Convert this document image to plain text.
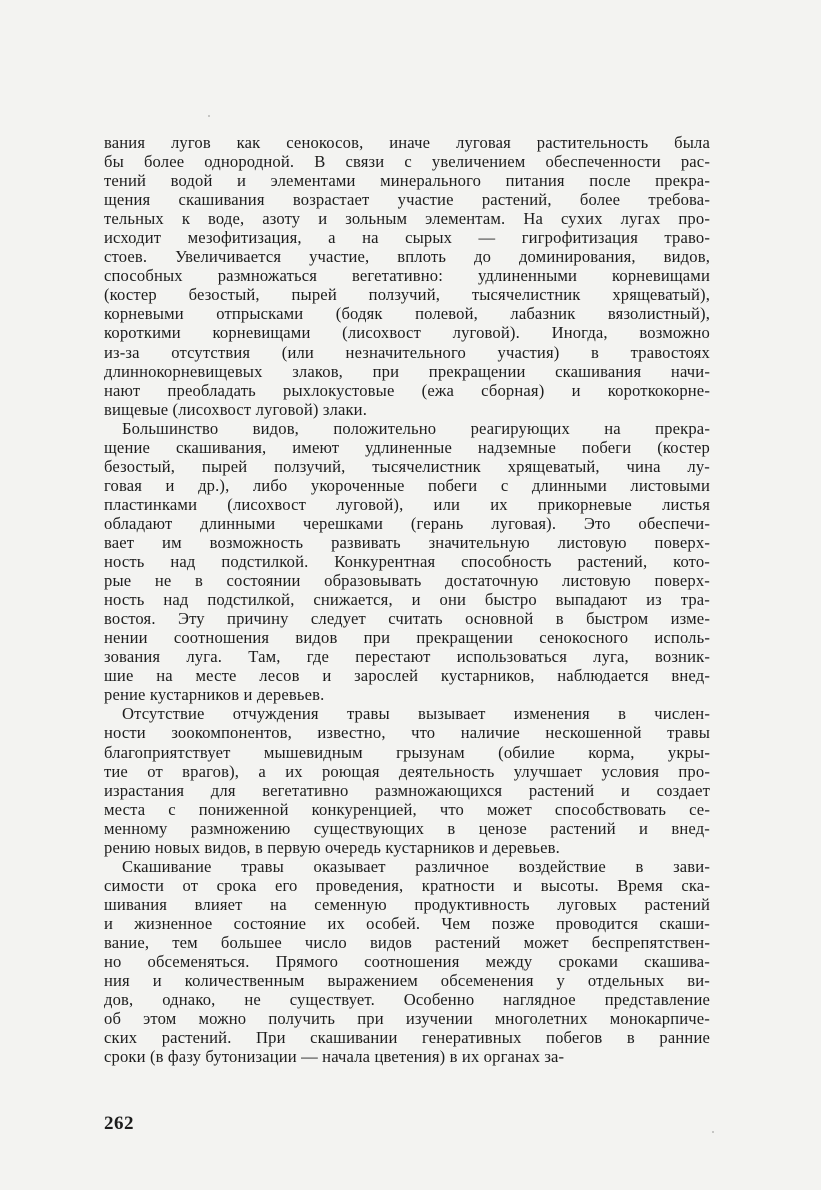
вания лугов как сенокосов, иначе луговая растительность была
бы более однородной. В связи с увеличением обеспеченности рас-
тений водой и элементами минерального питания после прекра-
щения скашивания возрастает участие растений, более требова-
тельных к воде, азоту и зольным элементам. На сухих лугах про-
исходит мезофитизация, а на сырых — гигрофитизация траво-
стоев. Увеличивается участие, вплоть до доминирования, видов,
способных размножаться вегетативно: удлиненными корневищами
(костер безостый, пырей ползучий, тысячелистник хрящеватый),
корневыми отпрысками (бодяк полевой, лабазник вязолистный),
короткими корневищами (лисохвост луговой). Иногда, возможно
из-за отсутствия (или незначительного участия) в травостоях
длиннокорневищевых злаков, при прекращении скашивания начи-
нают преобладать рыхлокустовые (ежа сборная) и короткокорне-
вищевые (лисохвост луговой) злаки.
Большинство видов, положительно реагирующих на прекра-
щение скашивания, имеют удлиненные надземные побеги (костер
безостый, пырей ползучий, тысячелистник хрящеватый, чина лу-
говая и др.), либо укороченные побеги с длинными листовыми
пластинками (лисохвост луговой), или их прикорневые листья
обладают длинными черешками (герань луговая). Это обеспечи-
вает им возможность развивать значительную листовую поверх-
ность над подстилкой. Конкурентная способность растений, кото-
рые не в состоянии образовывать достаточную листовую поверх-
ность над подстилкой, снижается, и они быстро выпадают из тра-
востоя. Эту причину следует считать основной в быстром изме-
нении соотношения видов при прекращении сенокосного исполь-
зования луга. Там, где перестают использоваться луга, возник-
шие на месте лесов и зарослей кустарников, наблюдается внед-
рение кустарников и деревьев.
Отсутствие отчуждения травы вызывает изменения в числен-
ности зоокомпонентов, известно, что наличие нескошенной травы
благоприятствует мышевидным грызунам (обилие корма, укры-
тие от врагов), а их роющая деятельность улучшает условия про-
израстания для вегетативно размножающихся растений и создает
места с пониженной конкуренцией, что может способствовать се-
менному размножению существующих в ценозе растений и внед-
рению новых видов, в первую очередь кустарников и деревьев.
Скашивание травы оказывает различное воздействие в зави-
симости от срока его проведения, кратности и высоты. Время ска-
шивания влияет на семенную продуктивность луговых растений
и жизненное состояние их особей. Чем позже проводится скаши-
вание, тем большее число видов растений может беспрепятствен-
но обсеменяться. Прямого соотношения между сроками скашива-
ния и количественным выражением обсеменения у отдельных ви-
дов, однако, не существует. Особенно наглядное представление
об этом можно получить при изучении многолетних монокарпиче-
ских растений. При скашивании генеративных побегов в ранние
сроки (в фазу бутонизации — начала цветения) в их органах за-
262
